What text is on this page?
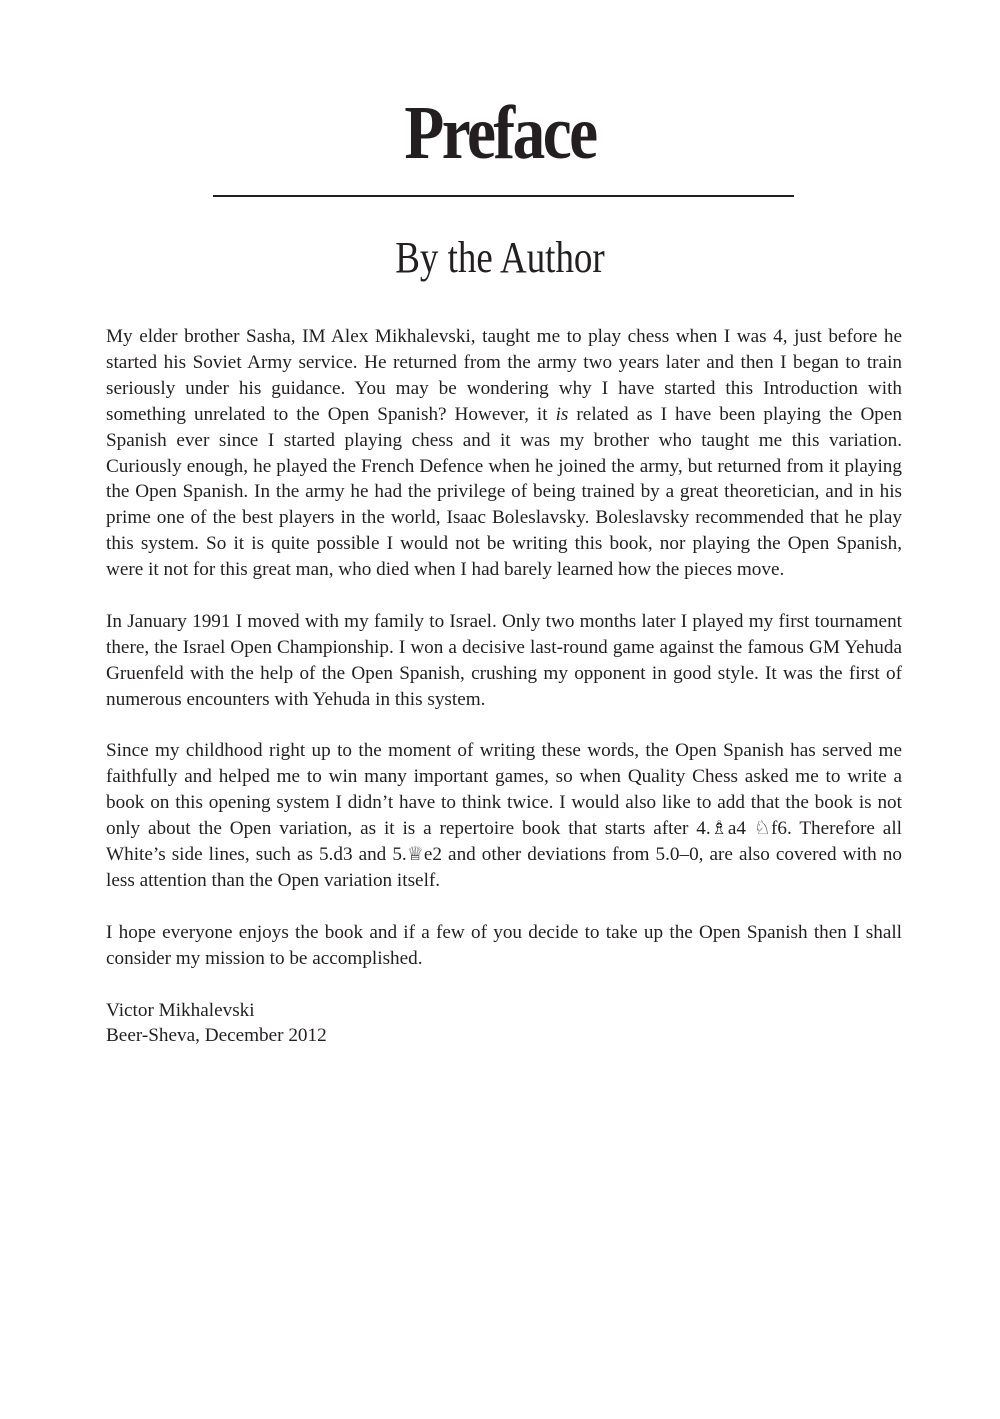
Preface
By the Author

My elder brother Sasha, IM Alex Mikhalevski, taught me to play chess when I was 4, just before he started his Soviet Army service. He returned from the army two years later and then I began to train seriously under his guidance. You may be wondering why I have started this Introduction with something unrelated to the Open Spanish? However, it is related as I have been playing the Open Spanish ever since I started playing chess and it was my brother who taught me this variation. Curiously enough, he played the French Defence when he joined the army, but returned from it playing the Open Spanish. In the army he had the privilege of being trained by a great theoretician, and in his prime one of the best players in the world, Isaac Boleslavsky. Boleslavsky recommended that he play this system. So it is quite possible I would not be writing this book, nor playing the Open Spanish, were it not for this great man, who died when I had barely learned how the pieces move.

In January 1991 I moved with my family to Israel. Only two months later I played my first tournament there, the Israel Open Championship. I won a decisive last-round game against the famous GM Yehuda Gruenfeld with the help of the Open Spanish, crushing my opponent in good style. It was the first of numerous encounters with Yehuda in this system.

Since my childhood right up to the moment of writing these words, the Open Spanish has served me faithfully and helped me to win many important games, so when Quality Chess asked me to write a book on this opening system I didn’t have to think twice. I would also like to add that the book is not only about the Open variation, as it is a repertoire book that starts after 4.♗a4 ♘f6. Therefore all White’s side lines, such as 5.d3 and 5.♕e2 and other deviations from 5.0–0, are also covered with no less attention than the Open variation itself.

I hope everyone enjoys the book and if a few of you decide to take up the Open Spanish then I shall consider my mission to be accomplished.

Victor Mikhalevski
Beer-Sheva, December 2012
